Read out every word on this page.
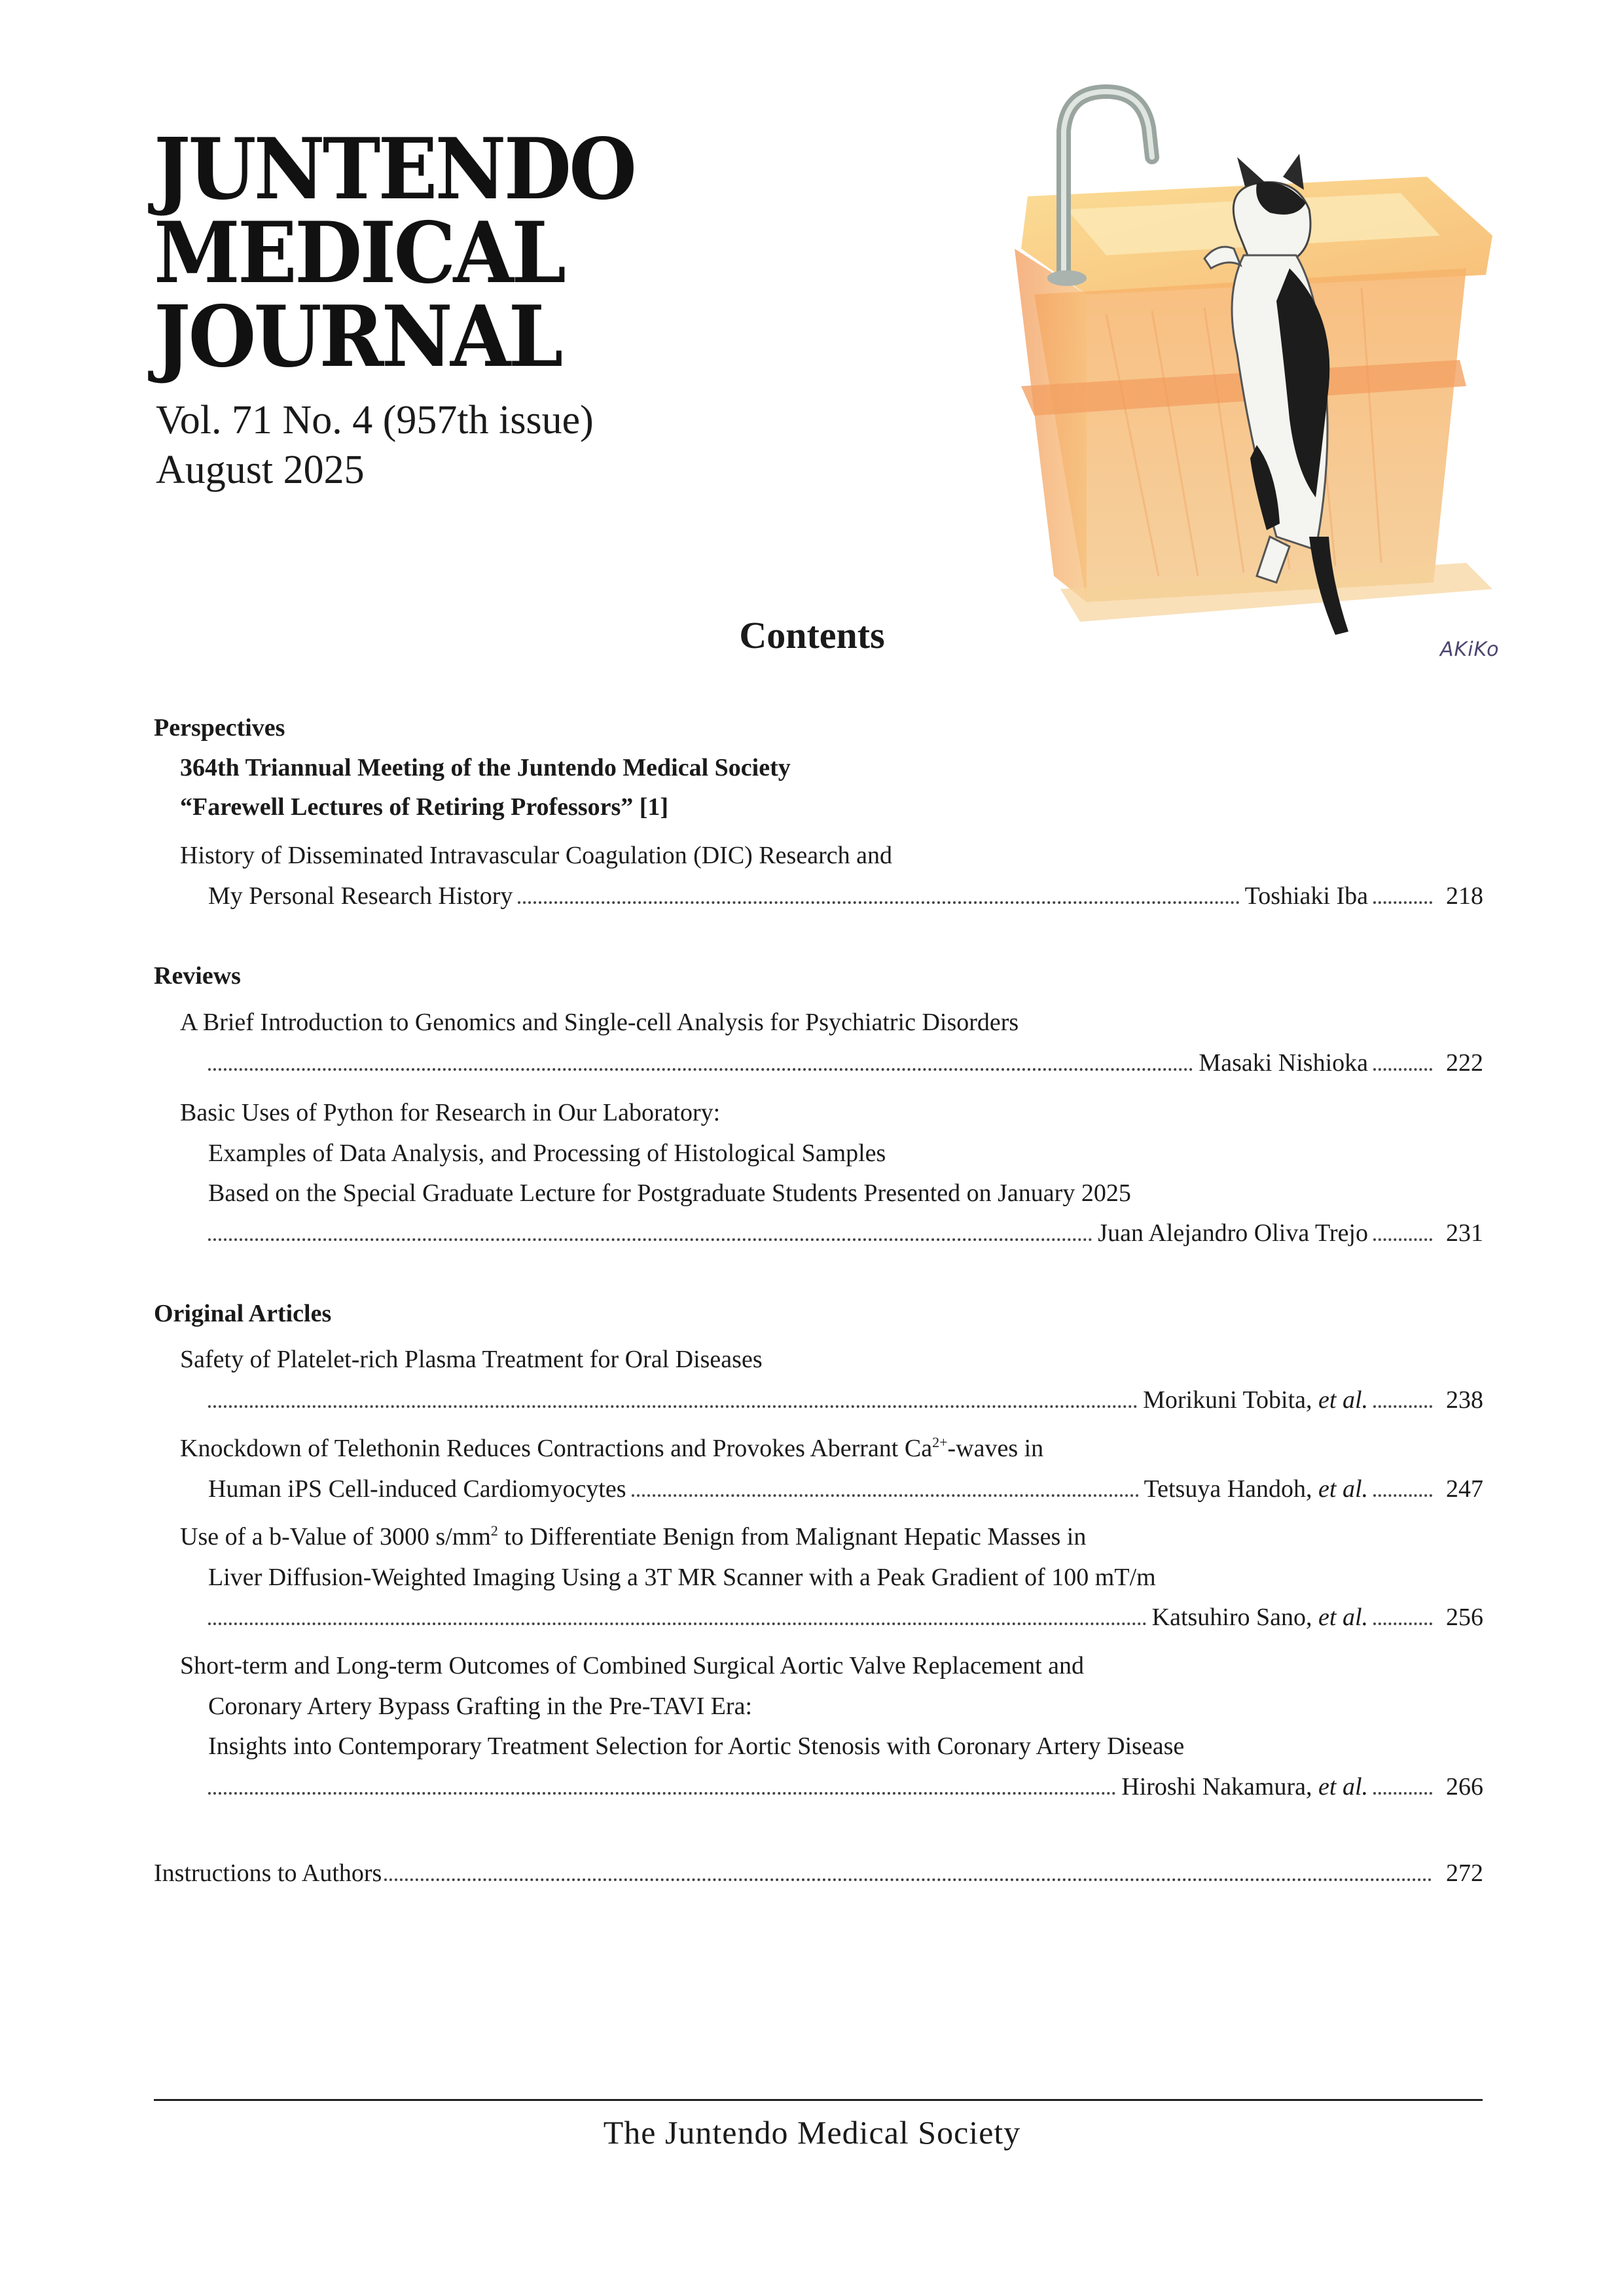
JUNTENDO
MEDICAL
JOURNAL
Vol. 71 No. 4 (957th issue)
August 2025
AKiKo
Contents
Perspectives
364th Triannual Meeting of the Juntendo Medical Society
“Farewell Lectures of Retiring Professors” [1]
History of Disseminated Intravascular Coagulation (DIC) Research and
My Personal Research History	Toshiaki Iba	218
Reviews
A Brief Introduction to Genomics and Single-cell Analysis for Psychiatric Disorders
Masaki Nishioka	222
Basic Uses of Python for Research in Our Laboratory:
Examples of Data Analysis, and Processing of Histological Samples
Based on the Special Graduate Lecture for Postgraduate Students Presented on January 2025
Juan Alejandro Oliva Trejo	231
Original Articles
Safety of Platelet-rich Plasma Treatment for Oral Diseases
Morikuni Tobita, et al.	238
Knockdown of Telethonin Reduces Contractions and Provokes Aberrant $Ca^{2+}$-waves in
Human iPS Cell-induced Cardiomyocytes	Tetsuya Handoh, et al.	247
Use of a b-Value of 3000 $s/mm^2$ to Differentiate Benign from Malignant Hepatic Masses in
Liver Diffusion-Weighted Imaging Using a 3T MR Scanner with a Peak Gradient of 100 mT/m
Katsuhiro Sano, et al.	256
Short-term and Long-term Outcomes of Combined Surgical Aortic Valve Replacement and
Coronary Artery Bypass Grafting in the Pre-TAVI Era:
Insights into Contemporary Treatment Selection for Aortic Stenosis with Coronary Artery Disease
Hiroshi Nakamura, et al.	266
Instructions to Authors	272
The Juntendo Medical Society
